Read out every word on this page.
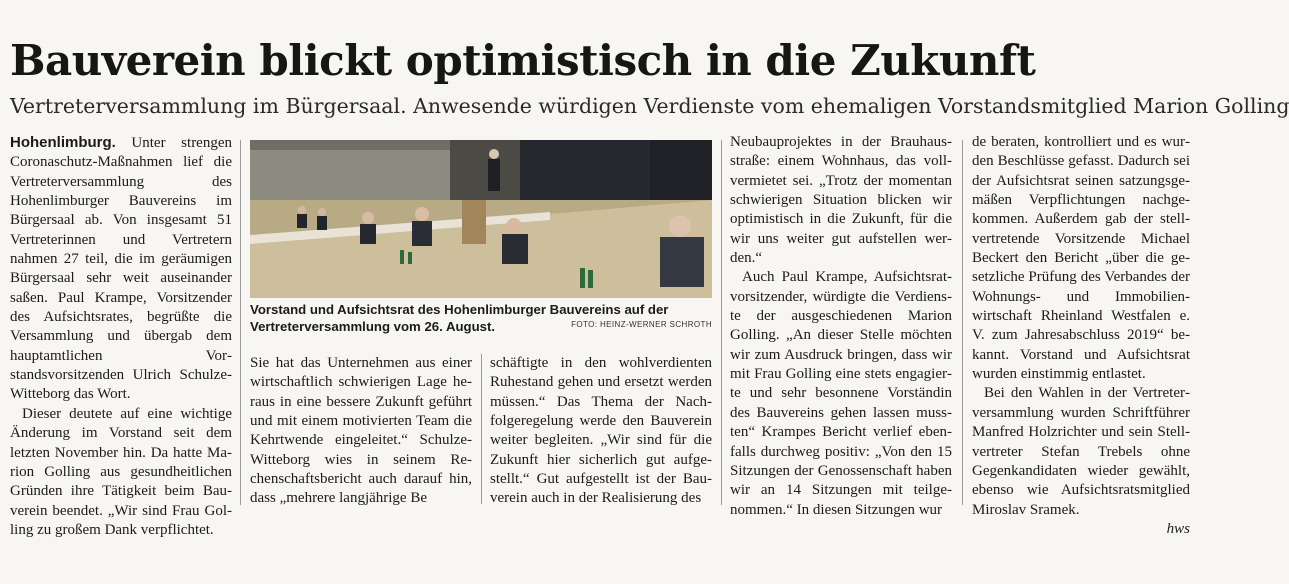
Bauverein blickt optimistisch in die Zukunft

Vertreterversammlung im Bürgersaal. Anwesende würdigen Verdienste vom ehemaligen Vorstandsmitglied Marion Golling

Hohenlimburg. Unter strengen Coronaschutz-Maßnahmen lief die Vertreterversammlung des Hohenlimburger Bauvereins im Bürgersaal ab. Von insgesamt 51 Vertreterinnen und Vertretern nahmen 27 teil, die im geräumigen Bürgersaal sehr weit auseinander saßen. Paul Krampe, Vorsitzender des Aufsichtsrates, begrüßte die Versammlung und übergab dem hauptamtlichen Vorstandsvorsitzenden Ulrich Schulze-Witteborg das Wort.

Dieser deutete auf eine wichtige Änderung im Vorstand seit dem letzten November hin. Da hatte Marion Golling aus gesundheitlichen Gründen ihre Tätigkeit beim Bauverein beendet. „Wir sind Frau Golling zu großem Dank verpflichtet.

Vorstand und Aufsichtsrat des Hohenlimburger Bauvereins auf der Vertreterversammlung vom 26. August.	FOTO: HEINZ-WERNER SCHROTH

Sie hat das Unternehmen aus einer wirtschaftlich schwierigen Lage heraus in eine bessere Zukunft geführt und mit einem motivierten Team die Kehrtwende eingeleitet.“ Schulze-Witteborg wies in seinem Rechenschaftsbericht auch darauf hin, dass „mehrere langjährige Be

schäftigte in den wohlverdienten Ruhestand gehen und ersetzt werden müssen.“ Das Thema der Nachfolgeregelung werde den Bauverein weiter begleiten. „Wir sind für die Zukunft hier sicherlich gut aufgestellt.“ Gut aufgestellt ist der Bauverein auch in der Realisierung des

Neubauprojektes in der Brauhausstraße: einem Wohnhaus, das vollvermietet sei. „Trotz der momentan schwierigen Situation blicken wir optimistisch in die Zukunft, für die wir uns weiter gut aufstellen werden.“

Auch Paul Krampe, Aufsichtsratvorsitzender, würdigte die Verdienste der ausgeschiedenen Marion Golling. „An dieser Stelle möchten wir zum Ausdruck bringen, dass wir mit Frau Golling eine stets engagierte und sehr besonnene Vorständin des Bauvereins gehen lassen mussten“ Krampes Bericht verlief ebenfalls durchweg positiv: „Von den 15 Sitzungen der Genossenschaft haben wir an 14 Sitzungen mit teilgenommen.“ In diesen Sitzungen wur

de beraten, kontrolliert und es wurden Beschlüsse gefasst. Dadurch sei der Aufsichtsrat seinen satzungsgemäßen Verpflichtungen nachgekommen. Außerdem gab der stellvertretende Vorsitzende Michael Beckert den Bericht „über die gesetzliche Prüfung des Verbandes der Wohnungs- und Immobilienwirtschaft Rheinland Westfalen e. V. zum Jahresabschluss 2019“ bekannt. Vorstand und Aufsichtsrat wurden einstimmig entlastet.

Bei den Wahlen in der Vertreterversammlung wurden Schriftführer Manfred Holzrichter und sein Stellvertreter Stefan Trebels ohne Gegenkandidaten wieder gewählt, ebenso wie Aufsichtsratsmitglied Miroslav Sramek.

hws
